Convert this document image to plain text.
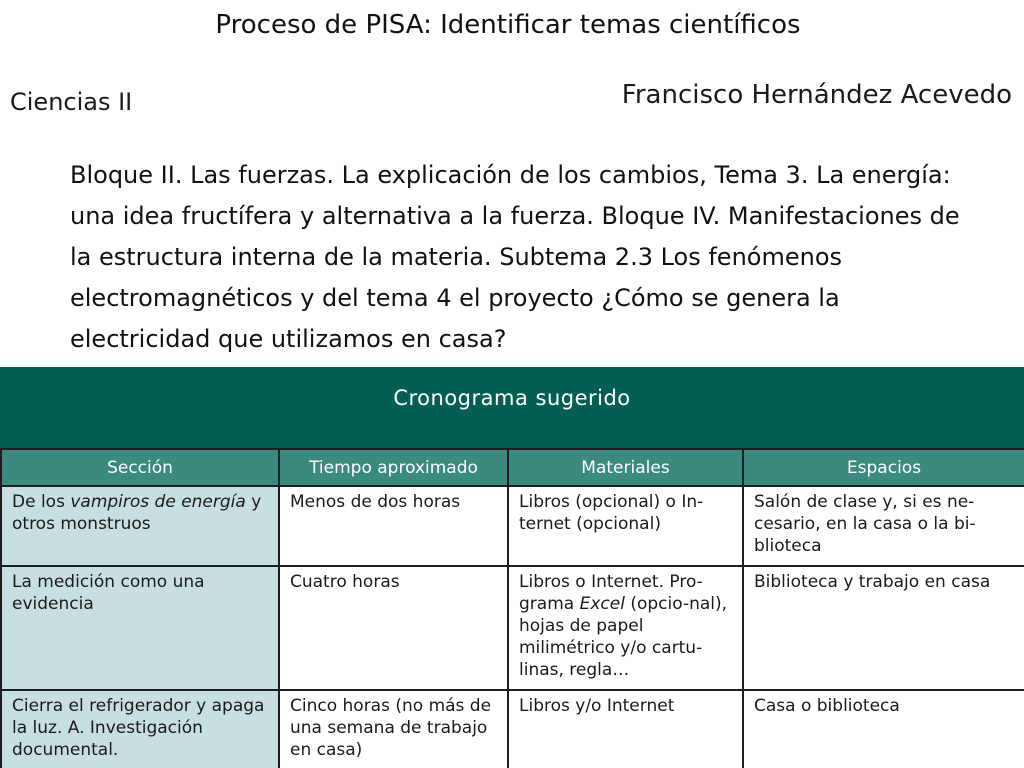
Proceso de PISA: Identificar temas científicos
Ciencias II	Francisco Hernández Acevedo

Bloque II. Las fuerzas. La explicación de los cambios, Tema 3. La energía: una idea fructífera y alternativa a la fuerza. Bloque IV. Manifestaciones de la estructura interna de la materia. Subtema 2.3 Los fenómenos electromagnéticos y del tema 4 el proyecto ¿Cómo se genera la electricidad que utilizamos en casa?

Cronograma sugerido
Sección	Tiempo aproximado	Materiales	Espacios
De los vampiros de energía y otros monstruos	Menos de dos horas	Libros (opcional) o In-ternet (opcional)	Salón de clase y, si es ne-cesario, en la casa o la bi-blioteca
La medición como una evidencia	Cuatro horas	Libros o Internet. Pro-grama Excel (opcio-nal), hojas de papel milimétrico y/o cartu-linas, regla…	Biblioteca y trabajo en casa
Cierra el refrigerador y apaga la luz. A. Investigación documental.	Cinco horas (no más de una semana de trabajo en casa)	Libros y/o Internet	Casa o biblioteca
